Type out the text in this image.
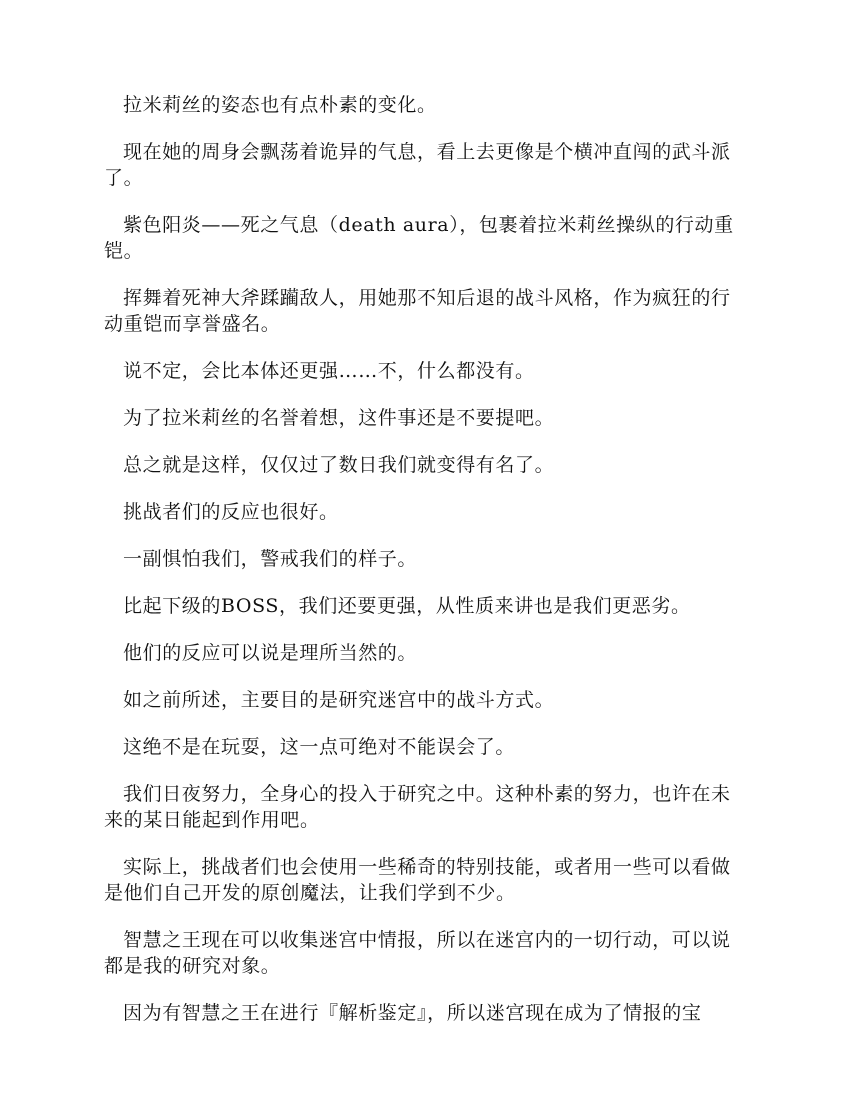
拉米莉丝的姿态也有点朴素的变化。

现在她的周身会飘荡着诡异的气息，看上去更像是个横冲直闯的武斗派了。

紫色阳炎——死之气息（death aura），包裹着拉米莉丝操纵的行动重铠。

挥舞着死神大斧蹂躏敌人，用她那不知后退的战斗风格，作为疯狂的行动重铠而享誉盛名。

说不定，会比本体还更强……不，什么都没有。

为了拉米莉丝的名誉着想，这件事还是不要提吧。

总之就是这样，仅仅过了数日我们就变得有名了。

挑战者们的反应也很好。

一副惧怕我们，警戒我们的样子。

比起下级的BOSS，我们还要更强，从性质来讲也是我们更恶劣。

他们的反应可以说是理所当然的。

如之前所述，主要目的是研究迷宫中的战斗方式。

这绝不是在玩耍，这一点可绝对不能误会了。

我们日夜努力，全身心的投入于研究之中。这种朴素的努力，也许在未来的某日能起到作用吧。

实际上，挑战者们也会使用一些稀奇的特别技能，或者用一些可以看做是他们自己开发的原创魔法，让我们学到不少。

智慧之王现在可以收集迷宫中情报，所以在迷宫内的一切行动，可以说都是我的研究对象。

因为有智慧之王在进行『解析鉴定』，所以迷宫现在成为了情报的宝
